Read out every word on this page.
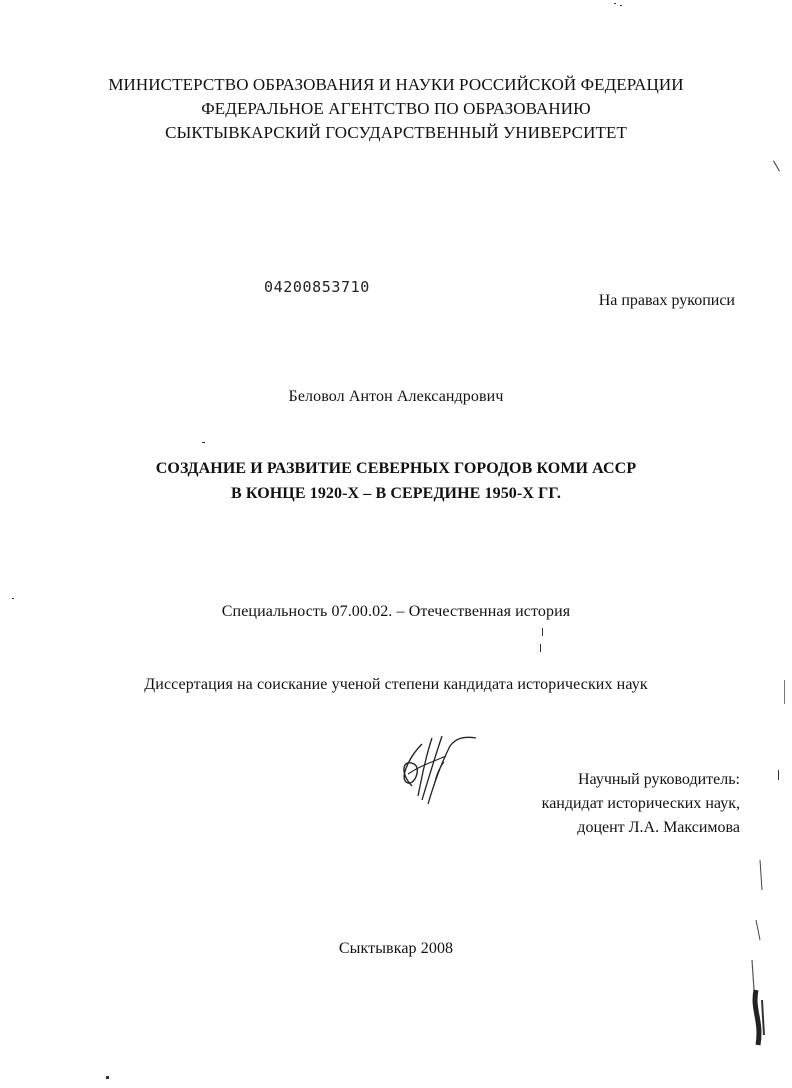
МИНИСТЕРСТВО ОБРАЗОВАНИЯ И НАУКИ РОССИЙСКОЙ ФЕДЕРАЦИИ
ФЕДЕРАЛЬНОЕ АГЕНТСТВО ПО ОБРАЗОВАНИЮ
СЫКТЫВКАРСКИЙ ГОСУДАРСТВЕННЫЙ УНИВЕРСИТЕТ
04200853710
На правах рукописи
Беловол Антон Александрович
СОЗДАНИЕ И РАЗВИТИЕ СЕВЕРНЫХ ГОРОДОВ КОМИ АССР
В КОНЦЕ 1920-Х – В СЕРЕДИНЕ 1950-Х ГГ.
Специальность 07.00.02. – Отечественная история
Диссертация на соискание ученой степени кандидата исторических наук
Научный руководитель:
кандидат исторических наук,
доцент Л.А. Максимова
Сыктывкар 2008
